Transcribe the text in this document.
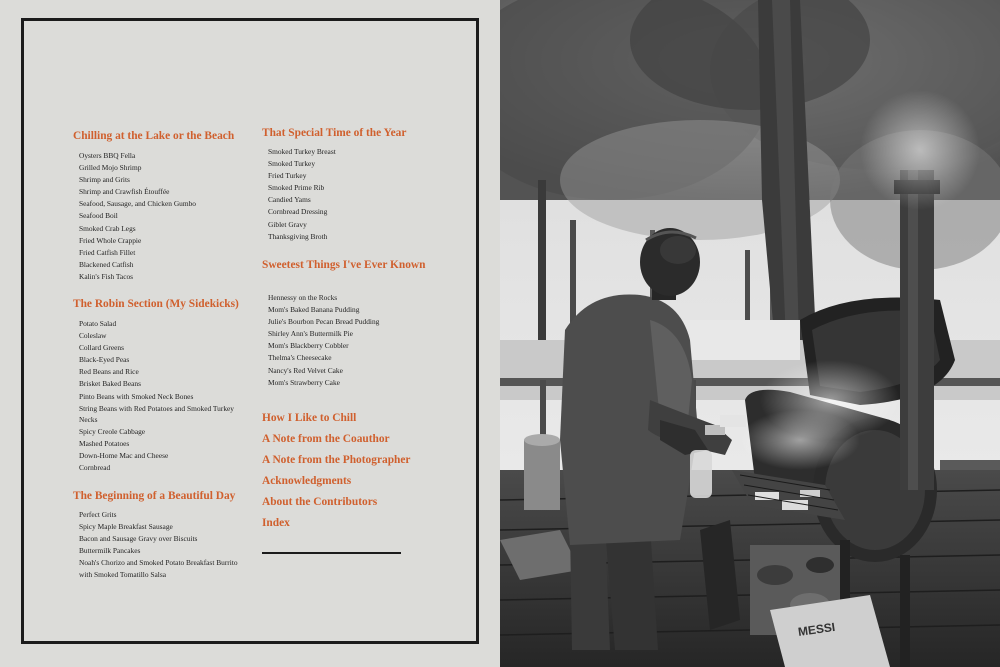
Chilling at the Lake or the Beach
Oysters BBQ Fella
Grilled Mojo Shrimp
Shrimp and Grits
Shrimp and Crawfish Étouffée
Seafood, Sausage, and Chicken Gumbo
Seafood Boil
Smoked Crab Legs
Fried Whole Crappie
Fried Catfish Fillet
Blackened Catfish
Kalin's Fish Tacos
The Robin Section (My Sidekicks)
Potato Salad
Coleslaw
Collard Greens
Black-Eyed Peas
Red Beans and Rice
Brisket Baked Beans
Pinto Beans with Smoked Neck Bones
String Beans with Red Potatoes and Smoked Turkey Necks
Spicy Creole Cabbage
Mashed Potatoes
Down-Home Mac and Cheese
Cornbread
The Beginning of a Beautiful Day
Perfect Grits
Spicy Maple Breakfast Sausage
Bacon and Sausage Gravy over Biscuits
Buttermilk Pancakes
Noah's Chorizo and Smoked Potato Breakfast Burrito with Smoked Tomatillo Salsa
That Special Time of the Year
Smoked Turkey Breast
Smoked Turkey
Fried Turkey
Smoked Prime Rib
Candied Yams
Cornbread Dressing
Giblet Gravy
Thanksgiving Broth
Sweetest Things I've Ever Known
Hennessy on the Rocks
Mom's Baked Banana Pudding
Julie's Bourbon Pecan Bread Pudding
Shirley Ann's Buttermilk Pie
Mom's Blackberry Cobbler
Thelma's Cheesecake
Nancy's Red Velvet Cake
Mom's Strawberry Cake
How I Like to Chill
A Note from the Coauthor
A Note from the Photographer
Acknowledgments
About the Contributors
Index
MESSI
